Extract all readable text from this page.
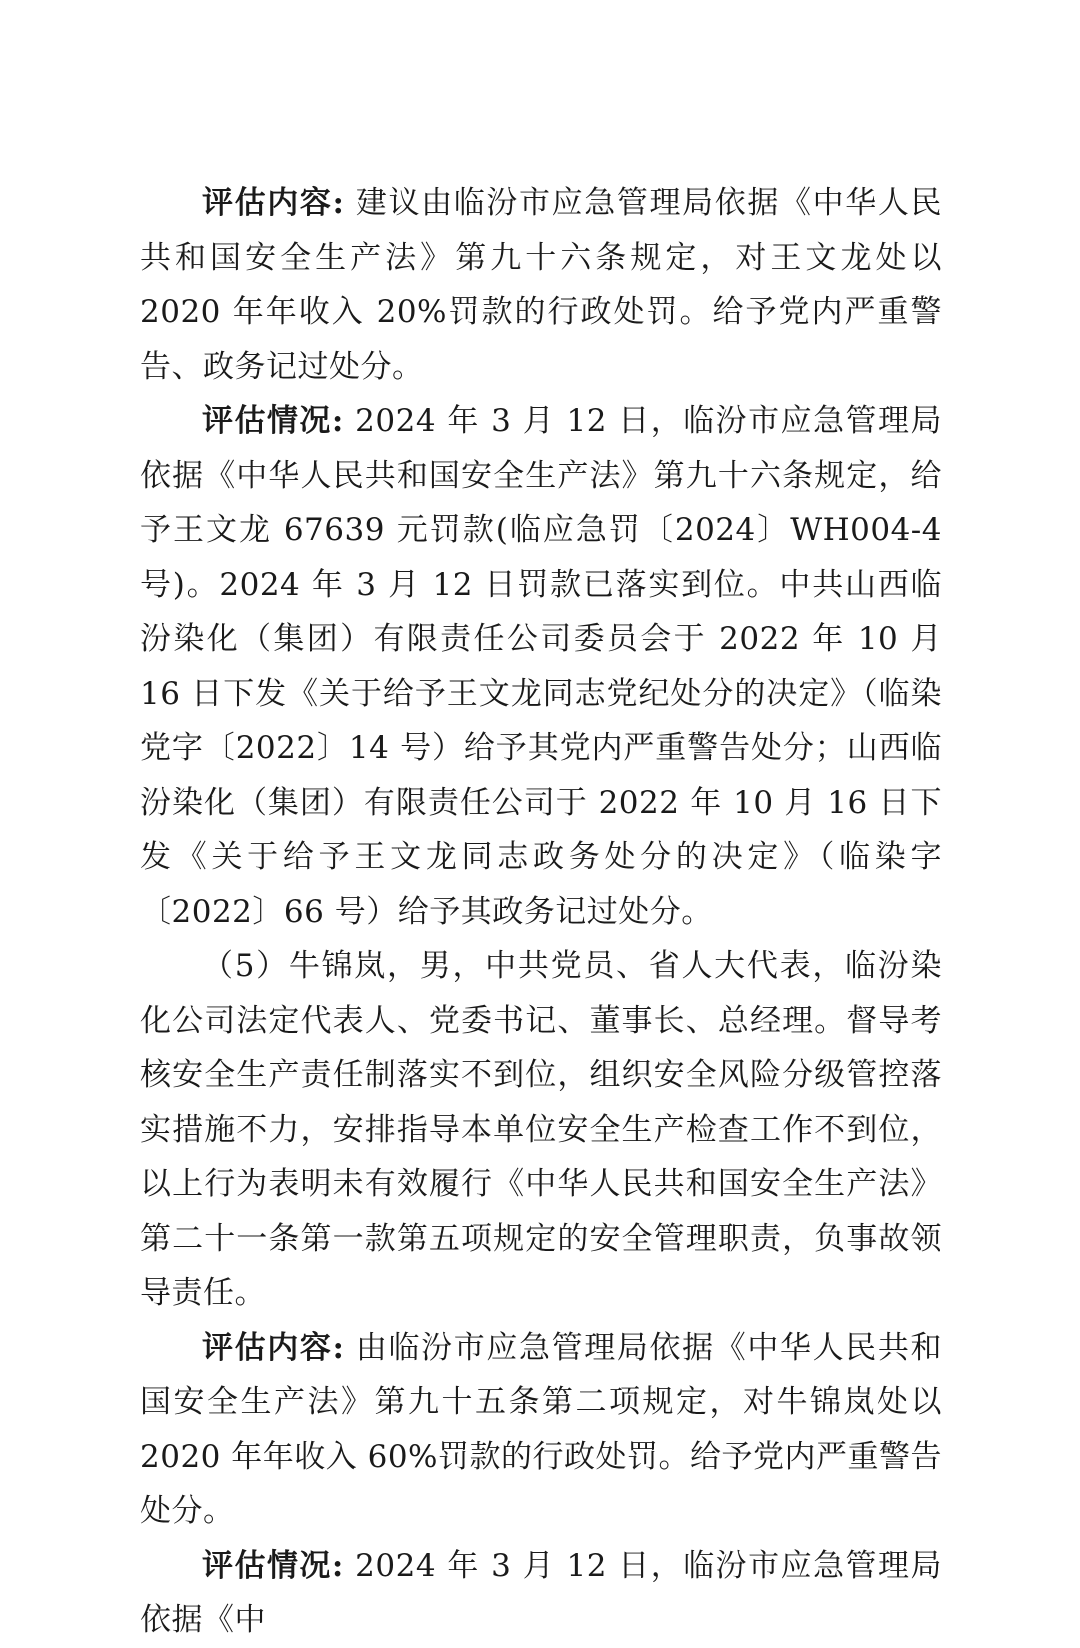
评估内容: 建议由临汾市应急管理局依据《中华人民共和国安全生产法》第九十六条规定，对王文龙处以 2020 年年收入 20%罚款的行政处罚。给予党内严重警告、政务记过处分。

评估情况: 2024 年 3 月 12 日，临汾市应急管理局依据《中华人民共和国安全生产法》第九十六条规定，给予王文龙 67639 元罚款(临应急罚〔2024〕WH004-4 号)。2024 年 3 月 12 日罚款已落实到位。中共山西临汾染化（集团）有限责任公司委员会于 2022 年 10 月 16 日下发《关于给予王文龙同志党纪处分的决定》（临染党字〔2022〕14 号）给予其党内严重警告处分；山西临汾染化（集团）有限责任公司于 2022 年 10 月 16 日下发《关于给予王文龙同志政务处分的决定》（临染字〔2022〕66 号）给予其政务记过处分。

（5）牛锦岚，男，中共党员、省人大代表，临汾染化公司法定代表人、党委书记、董事长、总经理。督导考核安全生产责任制落实不到位，组织安全风险分级管控落实措施不力，安排指导本单位安全生产检查工作不到位，以上行为表明未有效履行《中华人民共和国安全生产法》第二十一条第一款第五项规定的安全管理职责，负事故领导责任。

评估内容: 由临汾市应急管理局依据《中华人民共和国安全生产法》第九十五条第二项规定，对牛锦岚处以 2020 年年收入 60%罚款的行政处罚。给予党内严重警告处分。

评估情况: 2024 年 3 月 12 日，临汾市应急管理局依据《中
